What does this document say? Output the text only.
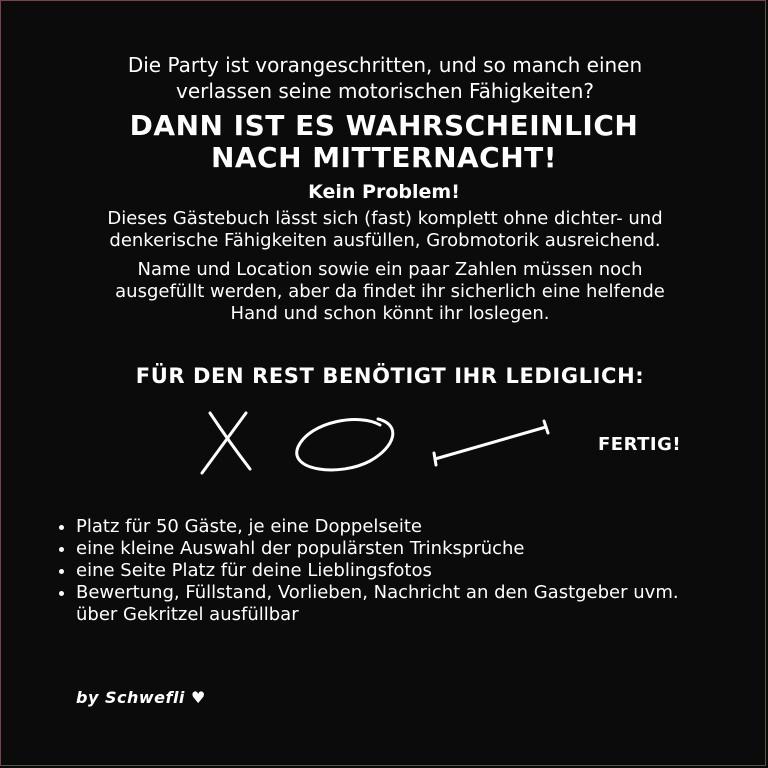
Die Party ist vorangeschritten, und so manch einen
verlassen seine motorischen Fähigkeiten?
DANN IST ES WAHRSCHEINLICH
NACH MITTERNACHT!
Kein Problem!
Dieses Gästebuch lässt sich (fast) komplett ohne dichter- und
denkerische Fähigkeiten ausfüllen, Grobmotorik ausreichend.
Name und Location sowie ein paar Zahlen müssen noch
ausgefüllt werden, aber da findet ihr sicherlich eine helfende
Hand und schon könnt ihr loslegen.
FÜR DEN REST BENÖTIGT IHR LEDIGLICH:
FERTIG!
• Platz für 50 Gäste, je eine Doppelseite
• eine kleine Auswahl der populärsten Trinksprüche
• eine Seite Platz für deine Lieblingsfotos
• Bewertung, Füllstand, Vorlieben, Nachricht an den Gastgeber uvm. über Gekritzel ausfüllbar
by Schwefli ♥
